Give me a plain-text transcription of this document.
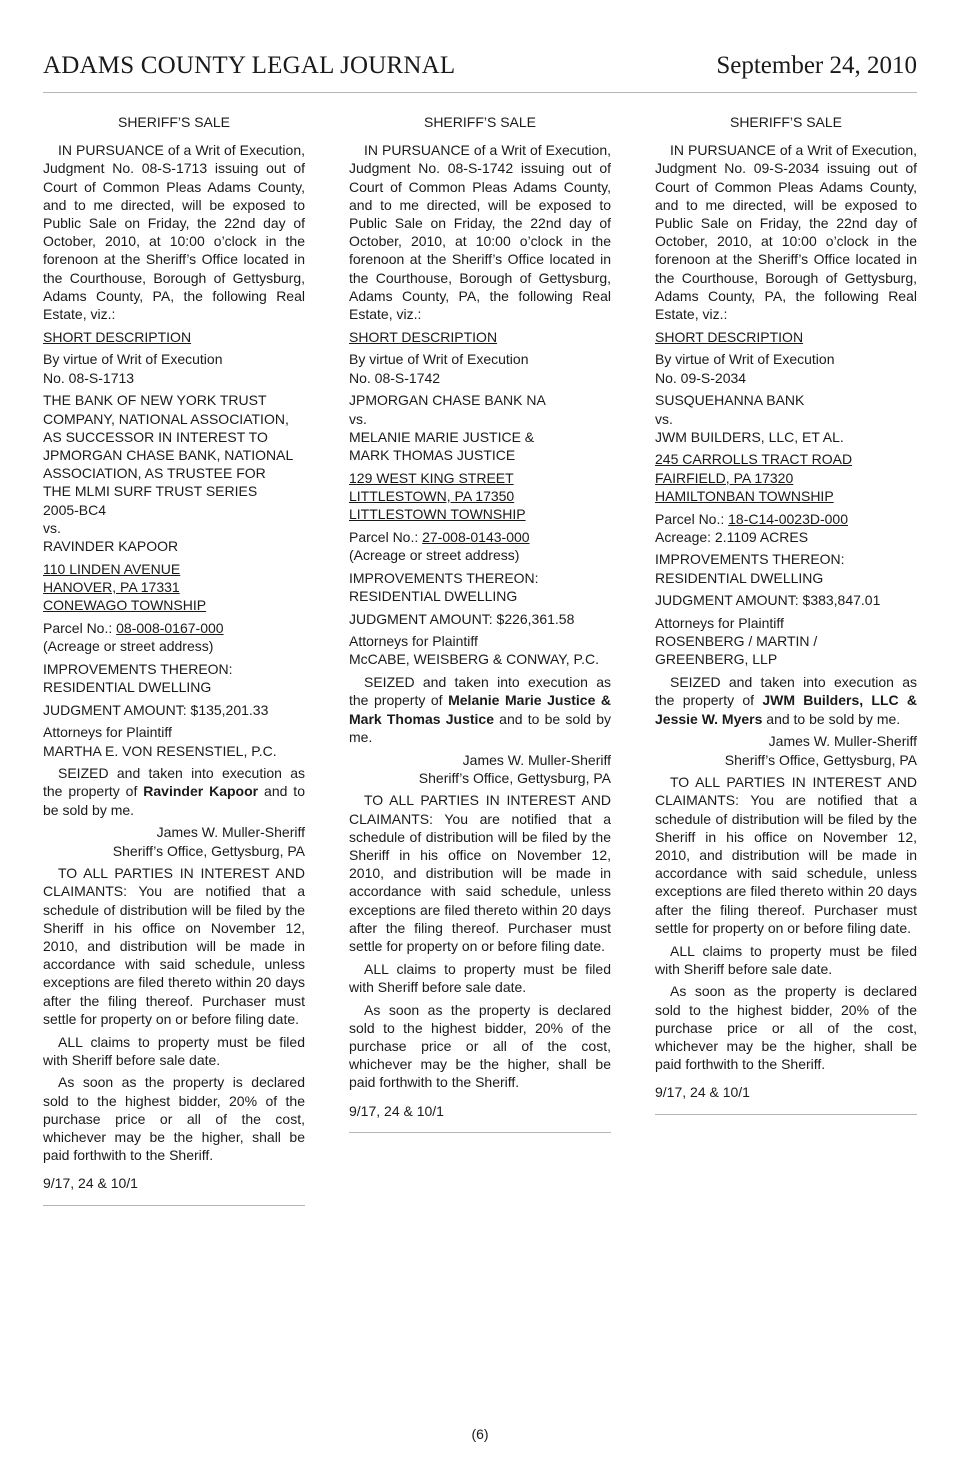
ADAMS COUNTY LEGAL JOURNAL	September 24, 2010

SHERIFF’S SALE

IN PURSUANCE of a Writ of Execution, Judgment No. 08-S-1713 issuing out of Court of Common Pleas Adams County, and to me directed, will be exposed to Public Sale on Friday, the 22nd day of October, 2010, at 10:00 o’clock in the forenoon at the Sheriff’s Office located in the Courthouse, Borough of Gettysburg, Adams County, PA, the following Real Estate, viz.:

SHORT DESCRIPTION

By virtue of Writ of Execution
No. 08-S-1713

THE BANK OF NEW YORK TRUST
COMPANY, NATIONAL ASSOCIATION,
AS SUCCESSOR IN INTEREST TO
JPMORGAN CHASE BANK, NATIONAL
ASSOCIATION, AS TRUSTEE FOR
THE MLMI SURF TRUST SERIES
2005-BC4
vs.
RAVINDER KAPOOR

110 LINDEN AVENUE
HANOVER, PA 17331
CONEWAGO TOWNSHIP

Parcel No.: 08-008-0167-000
(Acreage or street address)

IMPROVEMENTS THEREON:
RESIDENTIAL DWELLING

JUDGMENT AMOUNT: $135,201.33

Attorneys for Plaintiff
MARTHA E. VON RESENSTIEL, P.C.

SEIZED and taken into execution as the property of Ravinder Kapoor and to be sold by me.

James W. Muller-Sheriff
Sheriff’s Office, Gettysburg, PA

TO ALL PARTIES IN INTEREST AND CLAIMANTS: You are notified that a schedule of distribution will be filed by the Sheriff in his office on November 12, 2010, and distribution will be made in accordance with said schedule, unless exceptions are filed thereto within 20 days after the filing thereof. Purchaser must settle for property on or before filing date.

ALL claims to property must be filed with Sheriff before sale date.

As soon as the property is declared sold to the highest bidder, 20% of the purchase price or all of the cost, whichever may be the higher, shall be paid forthwith to the Sheriff.

9/17, 24 & 10/1

SHERIFF’S SALE

IN PURSUANCE of a Writ of Execution, Judgment No. 08-S-1742 issuing out of Court of Common Pleas Adams County, and to me directed, will be exposed to Public Sale on Friday, the 22nd day of October, 2010, at 10:00 o’clock in the forenoon at the Sheriff’s Office located in the Courthouse, Borough of Gettysburg, Adams County, PA, the following Real Estate, viz.:

SHORT DESCRIPTION

By virtue of Writ of Execution
No. 08-S-1742

JPMORGAN CHASE BANK NA
vs.
MELANIE MARIE JUSTICE &
MARK THOMAS JUSTICE

129 WEST KING STREET
LITTLESTOWN, PA 17350
LITTLESTOWN TOWNSHIP

Parcel No.: 27-008-0143-000
(Acreage or street address)

IMPROVEMENTS THEREON:
RESIDENTIAL DWELLING

JUDGMENT AMOUNT: $226,361.58

Attorneys for Plaintiff
McCABE, WEISBERG & CONWAY, P.C.

SEIZED and taken into execution as the property of Melanie Marie Justice & Mark Thomas Justice and to be sold by me.

James W. Muller-Sheriff
Sheriff’s Office, Gettysburg, PA

TO ALL PARTIES IN INTEREST AND CLAIMANTS: You are notified that a schedule of distribution will be filed by the Sheriff in his office on November 12, 2010, and distribution will be made in accordance with said schedule, unless exceptions are filed thereto within 20 days after the filing thereof. Purchaser must settle for property on or before filing date.

ALL claims to property must be filed with Sheriff before sale date.

As soon as the property is declared sold to the highest bidder, 20% of the purchase price or all of the cost, whichever may be the higher, shall be paid forthwith to the Sheriff.

9/17, 24 & 10/1

SHERIFF’S SALE

IN PURSUANCE of a Writ of Execution, Judgment No. 09-S-2034 issuing out of Court of Common Pleas Adams County, and to me directed, will be exposed to Public Sale on Friday, the 22nd day of October, 2010, at 10:00 o’clock in the forenoon at the Sheriff’s Office located in the Courthouse, Borough of Gettysburg, Adams County, PA, the following Real Estate, viz.:

SHORT DESCRIPTION

By virtue of Writ of Execution
No. 09-S-2034

SUSQUEHANNA BANK
vs.
JWM BUILDERS, LLC, ET AL.

245 CARROLLS TRACT ROAD
FAIRFIELD, PA 17320
HAMILTONBAN TOWNSHIP

Parcel No.: 18-C14-0023D-000
Acreage: 2.1109 ACRES

IMPROVEMENTS THEREON:
RESIDENTIAL DWELLING

JUDGMENT AMOUNT: $383,847.01

Attorneys for Plaintiff
ROSENBERG / MARTIN /
GREENBERG, LLP

SEIZED and taken into execution as the property of JWM Builders, LLC & Jessie W. Myers and to be sold by me.

James W. Muller-Sheriff
Sheriff’s Office, Gettysburg, PA

TO ALL PARTIES IN INTEREST AND CLAIMANTS: You are notified that a schedule of distribution will be filed by the Sheriff in his office on November 12, 2010, and distribution will be made in accordance with said schedule, unless exceptions are filed thereto within 20 days after the filing thereof. Purchaser must settle for property on or before filing date.

ALL claims to property must be filed with Sheriff before sale date.

As soon as the property is declared sold to the highest bidder, 20% of the purchase price or all of the cost, whichever may be the higher, shall be paid forthwith to the Sheriff.

9/17, 24 & 10/1

(6)
